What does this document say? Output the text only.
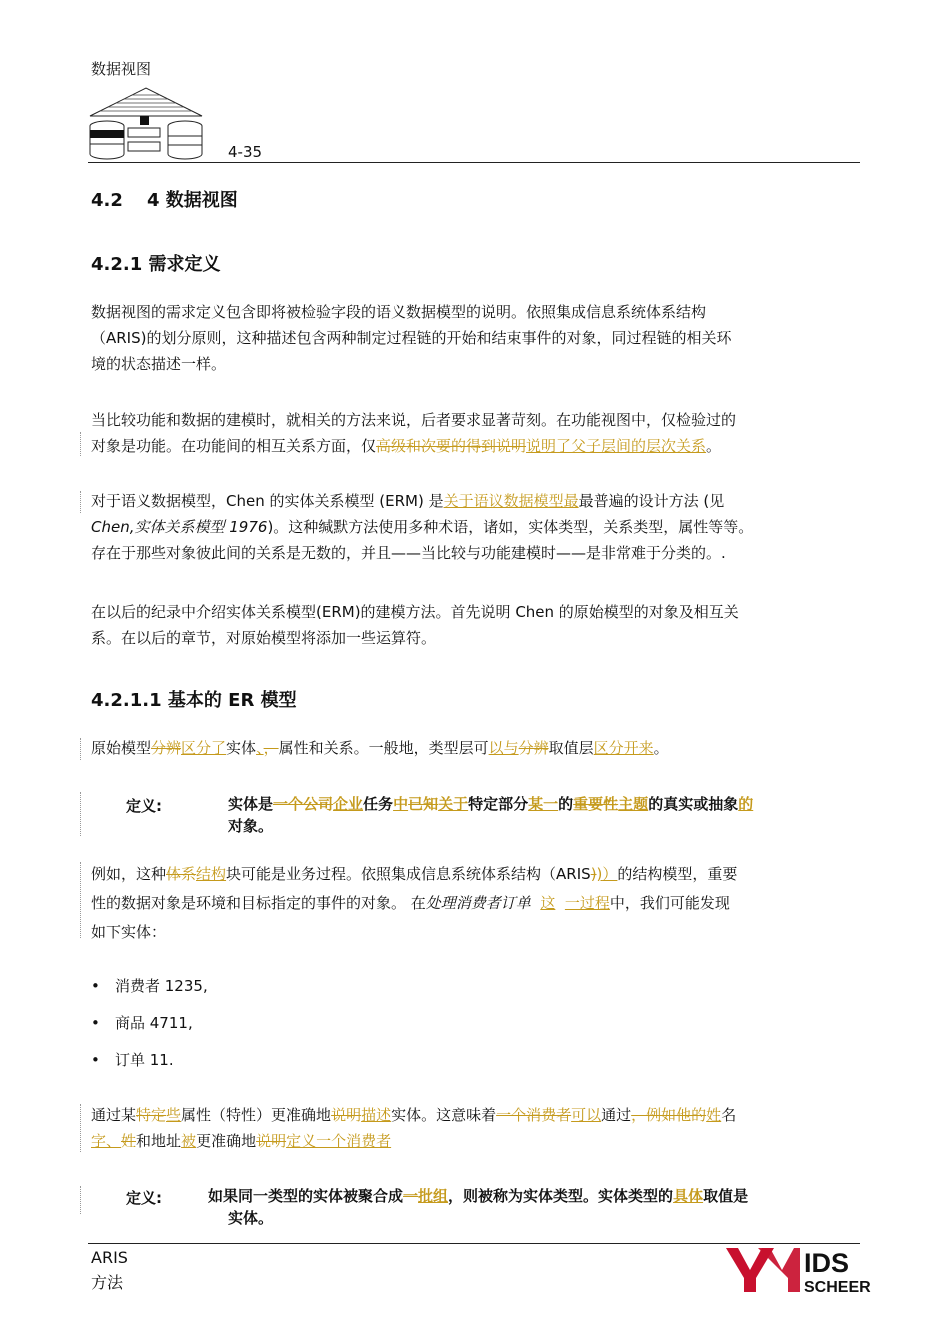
数据视图
4-35
4.2 4 数据视图
4.2.1 需求定义
数据视图的需求定义包含即将被检验字段的语义数据模型的说明。依照集成信息系统体系结构
（ARIS)的划分原则，这种描述包含两种制定过程链的开始和结束事件的对象，同过程链的相关环
境的状态描述一样。
当比较功能和数据的建模时，就相关的方法来说，后者要求显著苛刻。在功能视图中，仅检验过的
对象是功能。在功能间的相互关系方面，仅高级和次要的得到说明说明了父子层间的层次关系。
对于语义数据模型，Chen 的实体关系模型 (ERM) 是关于语议数据模型最最普遍的设计方法 (见
Chen,实体关系模型 1976)。这种缄默方法使用多种术语，诸如，实体类型，关系类型，属性等等。
存在于那些对象彼此间的关系是无数的，并且——当比较与功能建模时——是非常难于分类的。.
在以后的纪录中介绍实体关系模型(ERM)的建模方法。首先说明 Chen 的原始模型的对象及相互关
系。在以后的章节，对原始模型将添加一些运算符。
4.2.1.1 基本的 ER 模型
原始模型分辨区分了实体、，属性和关系。一般地，类型层可以与分辨取值层区分开来。
定义:	实体是一个公司企业任务中已知关于特定部分某一的重要性主题的真实或抽象的
对象。
例如，这种体系结构块可能是业务过程。依照集成信息系统体系结构（ARIS))）的结构模型，重要
性的数据对象是环境和目标指定的事件的对象。 在处理消费者订单 这 一过程中，我们可能发现
如下实体：
• 消费者 1235,
• 商品 4711,
• 订单 11.
通过某特定些属性（特性）更准确地说明描述实体。这意味着一个消费者可以通过，例如他的姓名
字、姓和地址被更准确地说明定义一个消费者
定义:	如果同一类型的实体被聚合成一批组，则被称为实体类型。实体类型的具体取值是
实体。
ARIS
方法
IDS
SCHEER
